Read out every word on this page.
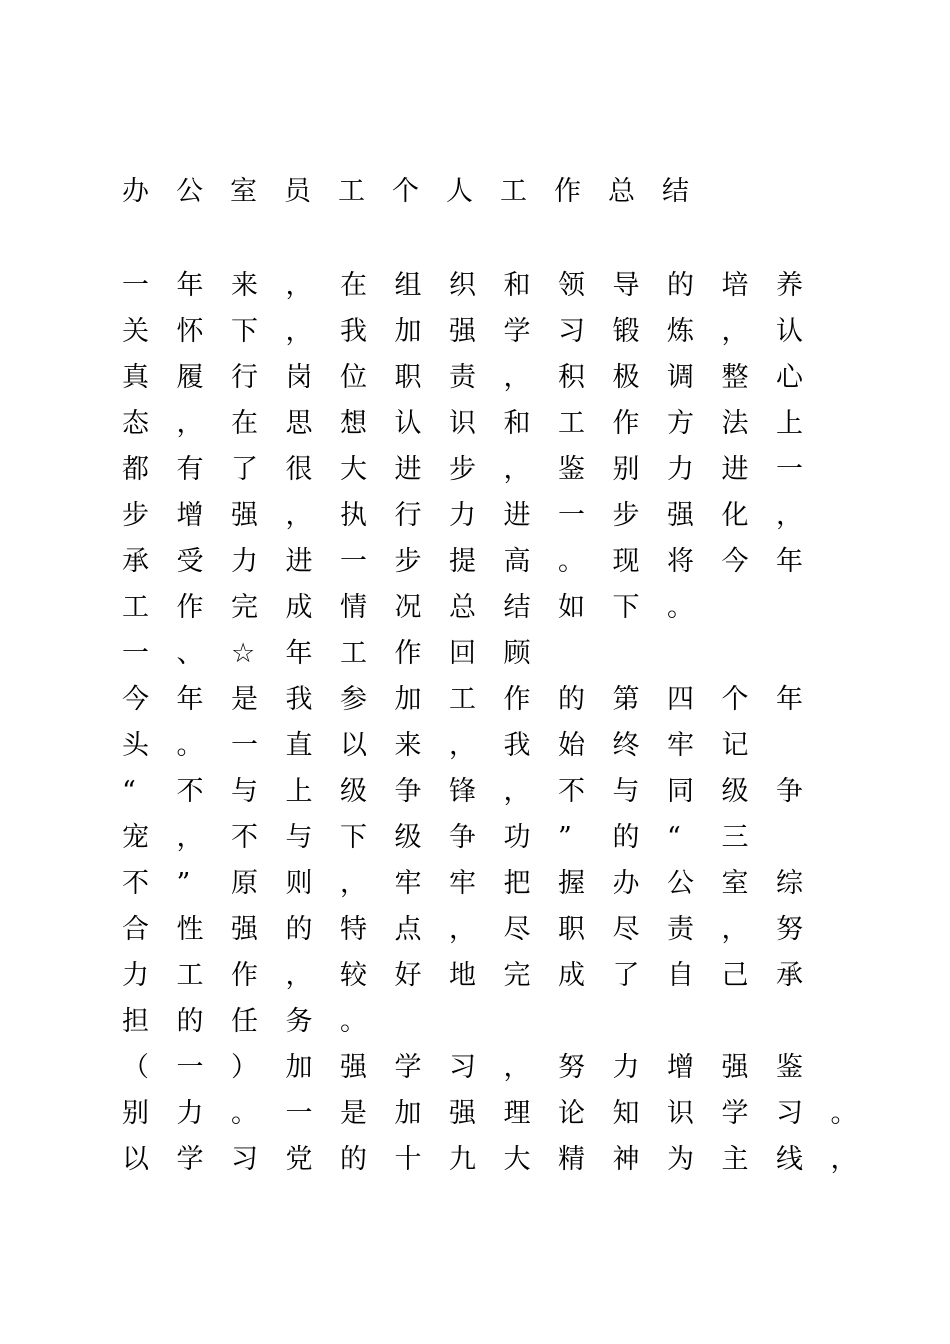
办公室员工个人工作总结
一 年 来 ， 在 组 织 和 领 导 的 培 养
关 怀 下 ， 我 加 强 学 习 锻 炼 ， 认
真 履 行 岗 位 职 责 ， 积 极 调 整 心
态 ， 在 思 想 认 识 和 工 作 方 法 上
都 有 了 很 大 进 步 ， 鉴 别 力 进 一
步 增 强 ， 执 行 力 进 一 步 强 化 ，
承 受 力 进 一 步 提 高 。 现 将 今 年
工 作 完 成 情 况 总 结 如 下 。
一 、 ☆ 年 工 作 回 顾
今 年 是 我 参 加 工 作 的 第 四 个 年
头 。 一 直 以 来 ， 我 始 终 牢 记
“ 不 与 上 级 争 锋 ， 不 与 同 级 争
宠 ， 不 与 下 级 争 功 ” 的 “ 三
不 ” 原 则 ， 牢 牢 把 握 办 公 室 综
合 性 强 的 特 点 ， 尽 职 尽 责 ， 努
力 工 作 ， 较 好 地 完 成 了 自 己 承
担 的 任 务 。
（ 一 ） 加 强 学 习 ， 努 力 增 强 鉴
别 力 。 一 是 加 强 理 论 知 识 学 习 。
以 学 习 党 的 十 九 大 精 神 为 主 线 ，
